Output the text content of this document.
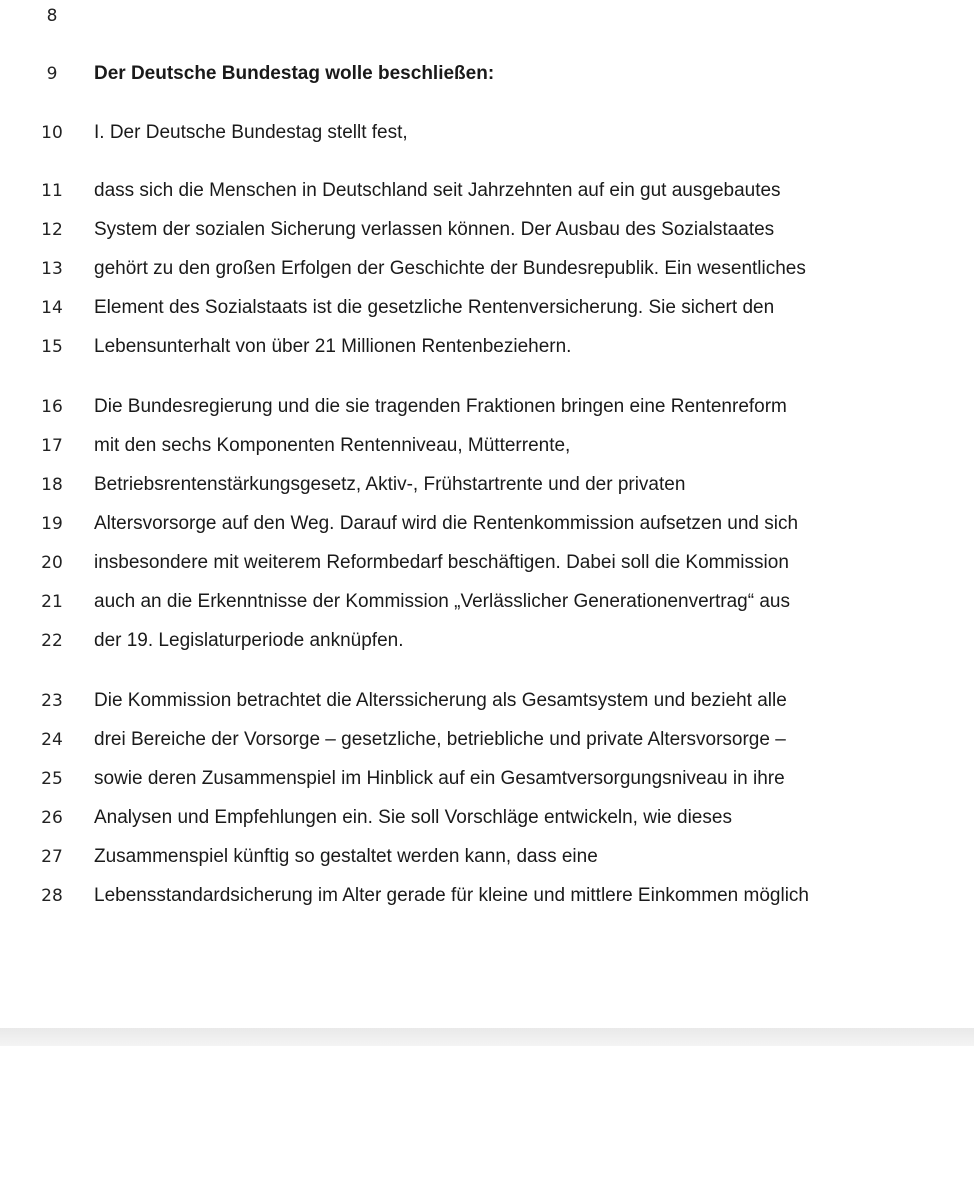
8
9	Der Deutsche Bundestag wolle beschließen:
10 I. Der Deutsche Bundestag stellt fest,
11 dass sich die Menschen in Deutschland seit Jahrzehnten auf ein gut ausgebautes
12 System der sozialen Sicherung verlassen können. Der Ausbau des Sozialstaates
13 gehört zu den großen Erfolgen der Geschichte der Bundesrepublik. Ein wesentliches
14 Element des Sozialstaats ist die gesetzliche Rentenversicherung. Sie sichert den
15 Lebensunterhalt von über 21 Millionen Rentenbeziehern.
16 Die Bundesregierung und die sie tragenden Fraktionen bringen eine Rentenreform
17 mit den sechs Komponenten Rentenniveau, Mütterrente,
18 Betriebsrentenstärkungsgesetz, Aktiv-, Frühstartrente und der privaten
19 Altersvorsorge auf den Weg. Darauf wird die Rentenkommission aufsetzen und sich
20 insbesondere mit weiterem Reformbedarf beschäftigen. Dabei soll die Kommission
21 auch an die Erkenntnisse der Kommission „Verlässlicher Generationenvertrag“ aus
22 der 19. Legislaturperiode anknüpfen.
23 Die Kommission betrachtet die Alterssicherung als Gesamtsystem und bezieht alle
24 drei Bereiche der Vorsorge – gesetzliche, betriebliche und private Altersvorsorge –
25 sowie deren Zusammenspiel im Hinblick auf ein Gesamtversorgungsniveau in ihre
26 Analysen und Empfehlungen ein. Sie soll Vorschläge entwickeln, wie dieses
27 Zusammenspiel künftig so gestaltet werden kann, dass eine
28 Lebensstandardsicherung im Alter gerade für kleine und mittlere Einkommen möglich
